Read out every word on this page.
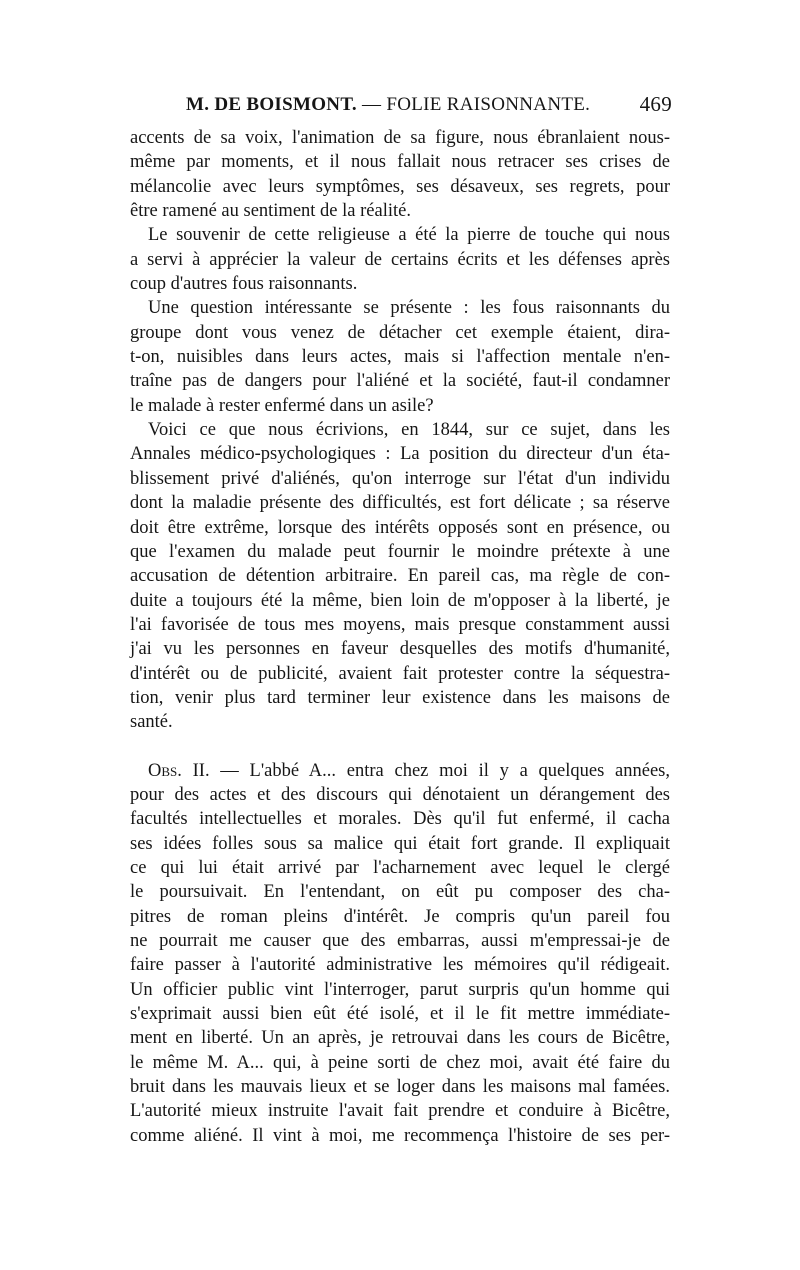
M. DE BOISMONT. — FOLIE RAISONNANTE. 469
accents de sa voix, l'animation de sa figure, nous ébranlaient nous-
même par moments, et il nous fallait nous retracer ses crises de
mélancolie avec leurs symptômes, ses désaveux, ses regrets, pour
être ramené au sentiment de la réalité.
Le souvenir de cette religieuse a été la pierre de touche qui nous
a servi à apprécier la valeur de certains écrits et les défenses après
coup d'autres fous raisonnants.
Une question intéressante se présente : les fous raisonnants du
groupe dont vous venez de détacher cet exemple étaient, dira-
t-on, nuisibles dans leurs actes, mais si l'affection mentale n'en-
traîne pas de dangers pour l'aliéné et la société, faut-il condamner
le malade à rester enfermé dans un asile?
Voici ce que nous écrivions, en 1844, sur ce sujet, dans les
Annales médico-psychologiques : La position du directeur d'un éta-
blissement privé d'aliénés, qu'on interroge sur l'état d'un individu
dont la maladie présente des difficultés, est fort délicate ; sa réserve
doit être extrême, lorsque des intérêts opposés sont en présence, ou
que l'examen du malade peut fournir le moindre prétexte à une
accusation de détention arbitraire. En pareil cas, ma règle de con-
duite a toujours été la même, bien loin de m'opposer à la liberté, je
l'ai favorisée de tous mes moyens, mais presque constamment aussi
j'ai vu les personnes en faveur desquelles des motifs d'humanité,
d'intérêt ou de publicité, avaient fait protester contre la séquestra-
tion, venir plus tard terminer leur existence dans les maisons de
santé.
Obs. II. — L'abbé A... entra chez moi il y a quelques années,
pour des actes et des discours qui dénotaient un dérangement des
facultés intellectuelles et morales. Dès qu'il fut enfermé, il cacha
ses idées folles sous sa malice qui était fort grande. Il expliquait
ce qui lui était arrivé par l'acharnement avec lequel le clergé
le poursuivait. En l'entendant, on eût pu composer des cha-
pitres de roman pleins d'intérêt. Je compris qu'un pareil fou
ne pourrait me causer que des embarras, aussi m'empressai-je de
faire passer à l'autorité administrative les mémoires qu'il rédigeait.
Un officier public vint l'interroger, parut surpris qu'un homme qui
s'exprimait aussi bien eût été isolé, et il le fit mettre immédiate-
ment en liberté. Un an après, je retrouvai dans les cours de Bicêtre,
le même M. A... qui, à peine sorti de chez moi, avait été faire du
bruit dans les mauvais lieux et se loger dans les maisons mal famées.
L'autorité mieux instruite l'avait fait prendre et conduire à Bicêtre,
comme aliéné. Il vint à moi, me recommença l'histoire de ses per-
